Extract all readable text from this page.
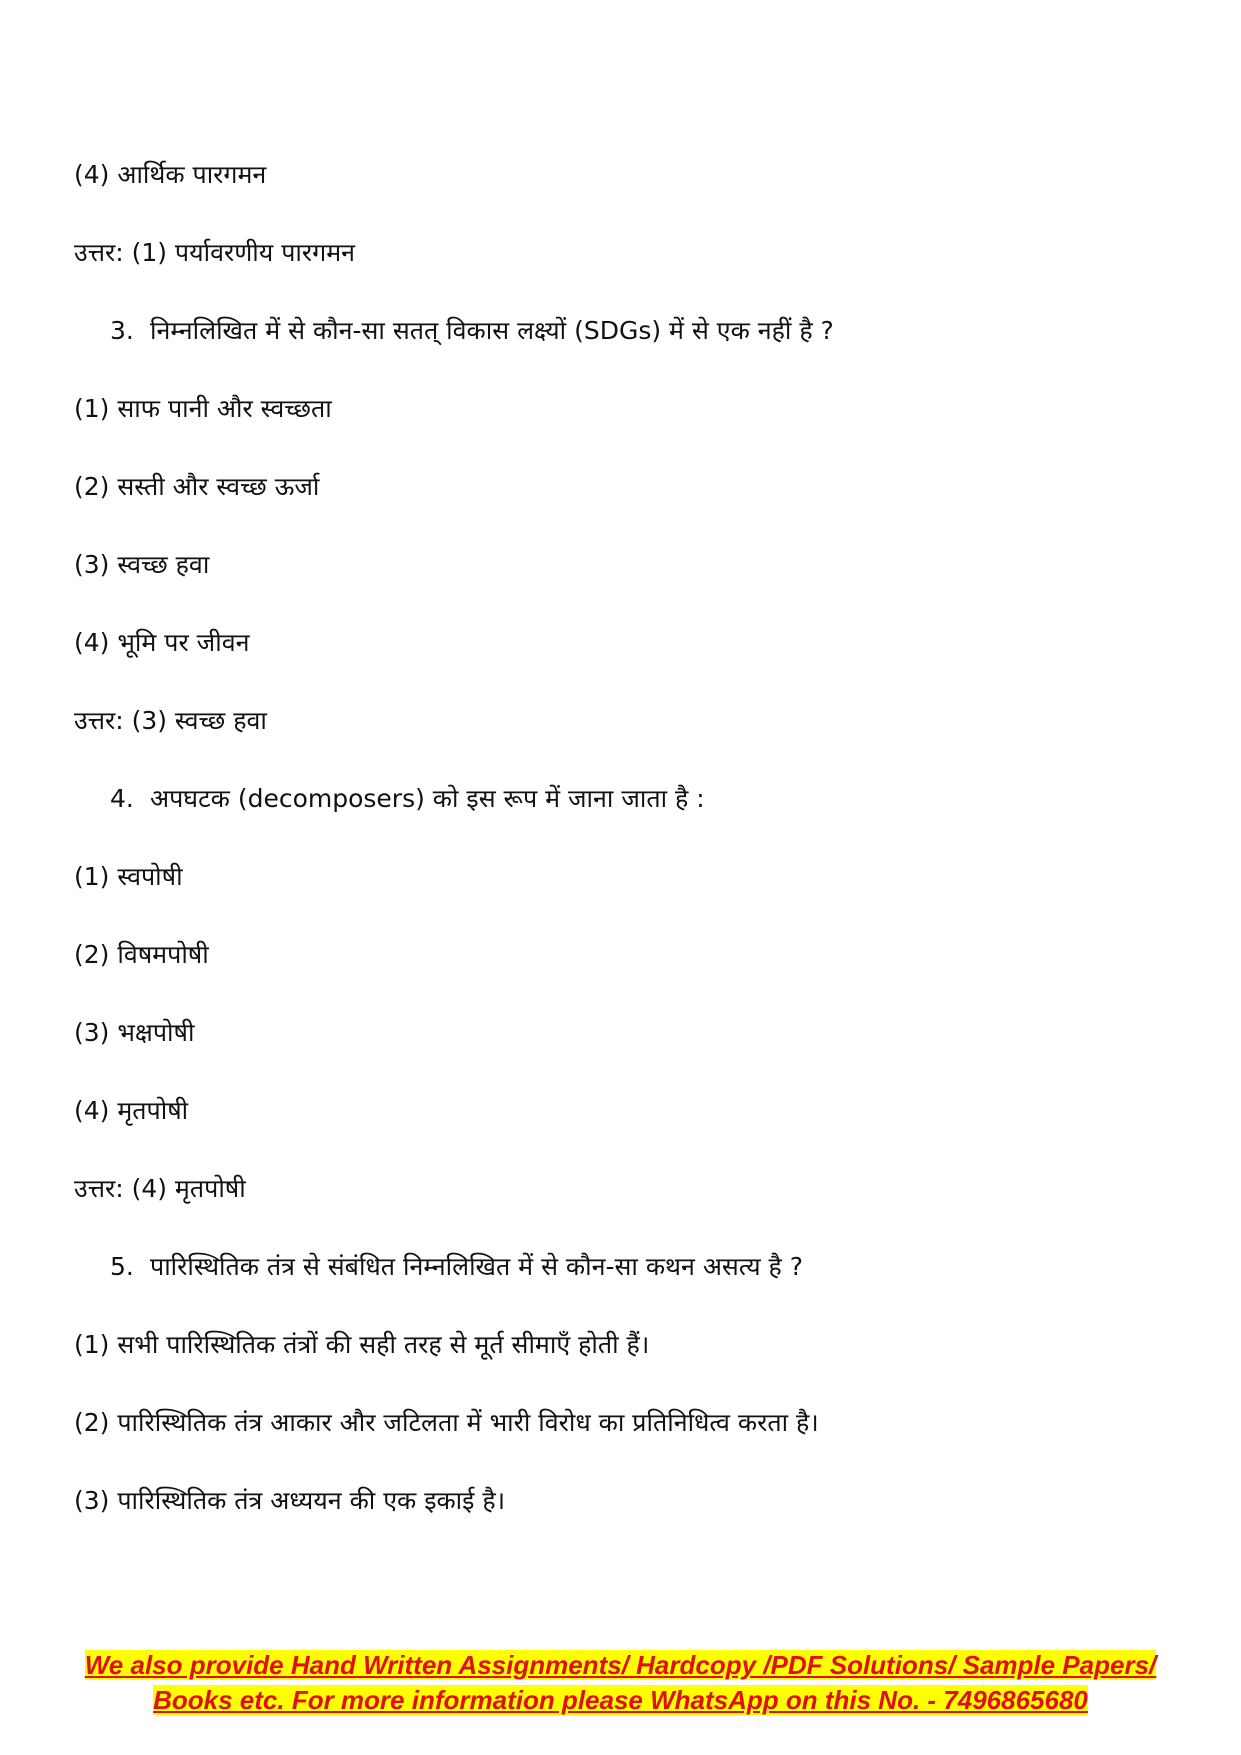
(4) आर्थिक पारगमन
उत्तर: (1) पर्यावरणीय पारगमन
3. निम्नलिखित में से कौन-सा सतत् विकास लक्ष्यों (SDGs) में से एक नहीं है ?
(1) साफ पानी और स्वच्छता
(2) सस्ती और स्वच्छ ऊर्जा
(3) स्वच्छ हवा
(4) भूमि पर जीवन
उत्तर: (3) स्वच्छ हवा
4. अपघटक (decomposers) को इस रूप में जाना जाता है :
(1) स्वपोषी
(2) विषमपोषी
(3) भक्षपोषी
(4) मृतपोषी
उत्तर: (4) मृतपोषी
5. पारिस्थितिक तंत्र से संबंधित निम्नलिखित में से कौन-सा कथन असत्य है ?
(1) सभी पारिस्थितिक तंत्रों की सही तरह से मूर्त सीमाएँ होती हैं।
(2) पारिस्थितिक तंत्र आकार और जटिलता में भारी विरोध का प्रतिनिधित्व करता है।
(3) पारिस्थितिक तंत्र अध्ययन की एक इकाई है।
We also provide Hand Written Assignments/ Hardcopy /PDF Solutions/ Sample Papers/
Books etc. For more information please WhatsApp on this No. - 7496865680
